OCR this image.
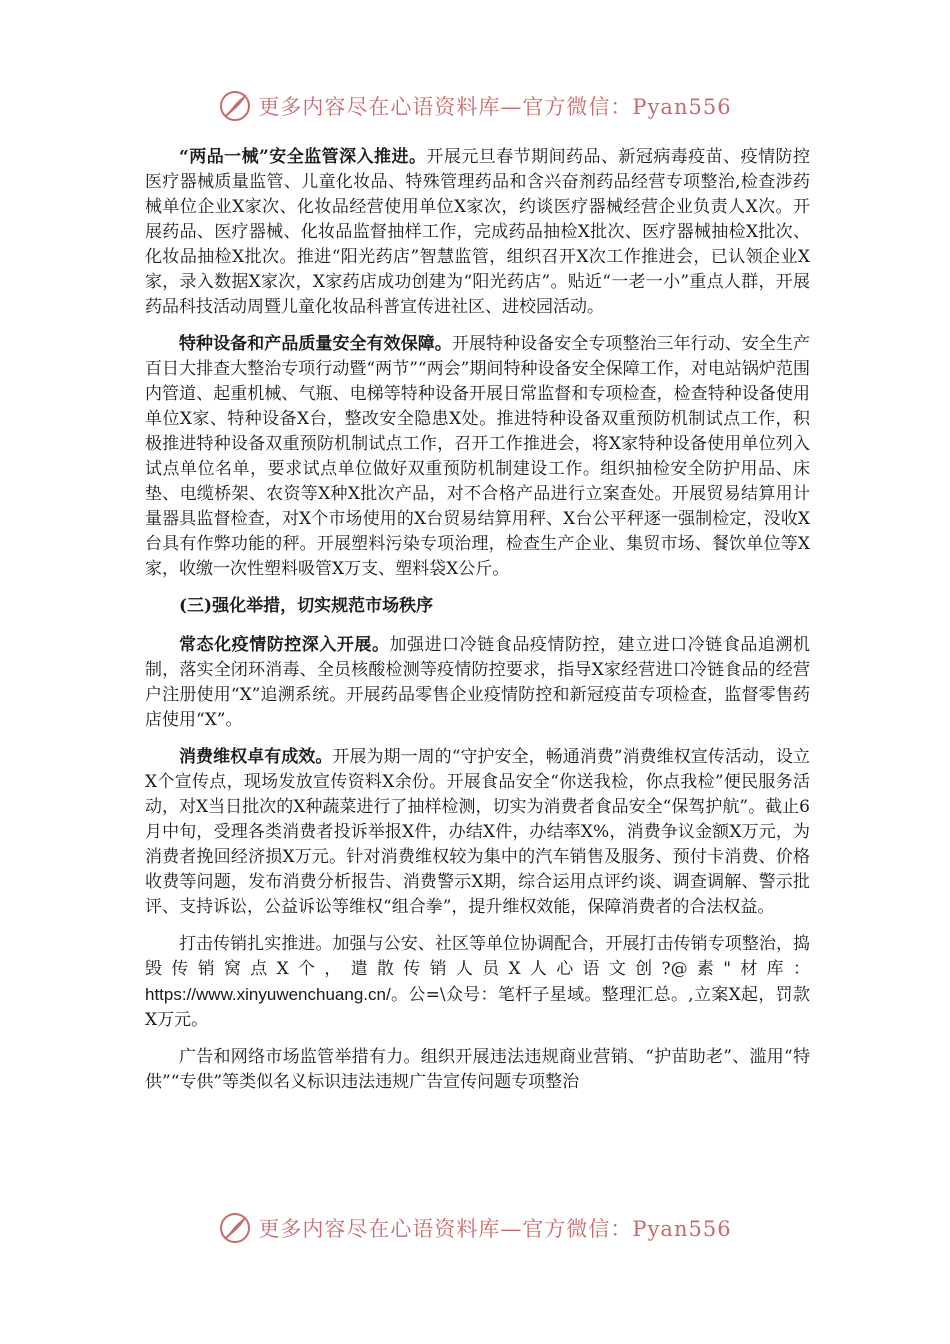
更多内容尽在心语资料库—官方微信：Pyan556

“两品一械”安全监管深入推进。开展元旦春节期间药品、新冠病毒疫苗、疫情防控医疗器械质量监管、儿童化妆品、特殊管理药品和含兴奋剂药品经营专项整治,检查涉药械单位企业X家次、化妆品经营使用单位X家次，约谈医疗器械经营企业负责人X次。开展药品、医疗器械、化妆品监督抽样工作，完成药品抽检X批次、医疗器械抽检X批次、化妆品抽检X批次。推进“阳光药店”智慧监管，组织召开X次工作推进会，已认领企业X家，录入数据X家次，X家药店成功创建为“阳光药店”。贴近“一老一小”重点人群，开展药品科技活动周暨儿童化妆品科普宣传进社区、进校园活动。

特种设备和产品质量安全有效保障。开展特种设备安全专项整治三年行动、安全生产百日大排查大整治专项行动暨“两节”“两会”期间特种设备安全保障工作，对电站锅炉范围内管道、起重机械、气瓶、电梯等特种设备开展日常监督和专项检查，检查特种设备使用单位X家、特种设备X台，整改安全隐患X处。推进特种设备双重预防机制试点工作，积极推进特种设备双重预防机制试点工作，召开工作推进会，将X家特种设备使用单位列入试点单位名单，要求试点单位做好双重预防机制建设工作。组织抽检安全防护用品、床垫、电缆桥架、农资等X种X批次产品，对不合格产品进行立案查处。开展贸易结算用计量器具监督检查，对X个市场使用的X台贸易结算用秤、X台公平秤逐一强制检定，没收X台具有作弊功能的秤。开展塑料污染专项治理，检查生产企业、集贸市场、餐饮单位等X家，收缴一次性塑料吸管X万支、塑料袋X公斤。

(三)强化举措，切实规范市场秩序

常态化疫情防控深入开展。加强进口冷链食品疫情防控，建立进口冷链食品追溯机制，落实全闭环消毒、全员核酸检测等疫情防控要求，指导X家经营进口冷链食品的经营户注册使用“X”追溯系统。开展药品零售企业疫情防控和新冠疫苗专项检查，监督零售药店使用“X”。

消费维权卓有成效。开展为期一周的“守护安全，畅通消费”消费维权宣传活动，设立X个宣传点，现场发放宣传资料X余份。开展食品安全“你送我检，你点我检”便民服务活动，对X当日批次的X种蔬菜进行了抽样检测，切实为消费者食品安全“保驾护航”。截止6月中旬，受理各类消费者投诉举报X件，办结X件，办结率X%，消费争议金额X万元，为消费者挽回经济损X万元。针对消费维权较为集中的汽车销售及服务、预付卡消费、价格收费等问题，发布消费分析报告、消费警示X期，综合运用点评约谈、调查调解、警示批评、支持诉讼，公益诉讼等维权“组合拳”，提升维权效能，保障消费者的合法权益。

打击传销扎实推进。加强与公安、社区等单位协调配合，开展打击传销专项整治，捣毁传销窝点X个，遣散传销人员X人心语文创?@素"材库：https://www.xinyuwenchuang.cn/。公=\众号：笔杆子星域。整理汇总。,立案X起，罚款X万元。

广告和网络市场监管举措有力。组织开展违法违规商业营销、“护苗助老”、滥用“特供”“专供”等类似名义标识违法违规广告宣传问题专项整治

更多内容尽在心语资料库—官方微信：Pyan556
